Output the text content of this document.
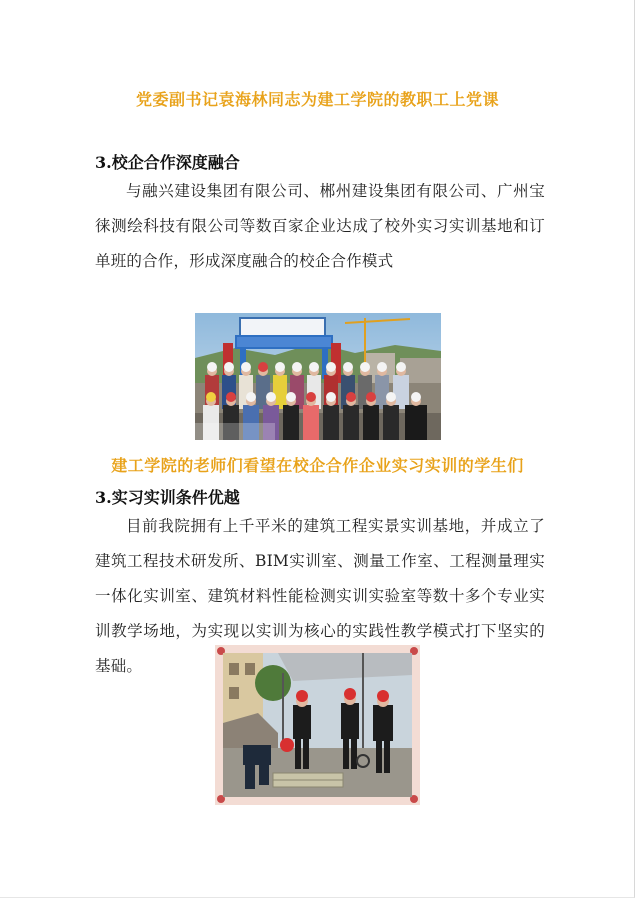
党委副书记袁海林同志为建工学院的教职工上党课
3.校企合作深度融合
与融兴建设集团有限公司、郴州建设集团有限公司、广州宝徕测绘科技有限公司等数百家企业达成了校外实习实训基地和订单班的合作，形成深度融合的校企合作模式
建工学院的老师们看望在校企合作企业实习实训的学生们
3.实习实训条件优越
目前我院拥有上千平米的建筑工程实景实训基地，并成立了建筑工程技术研发所、BIM实训室、测量工作室、工程测量理实一体化实训室、建筑材料性能检测实训实验室等数十多个专业实训教学场地，为实现以实训为核心的实践性教学模式打下坚实的基础。
